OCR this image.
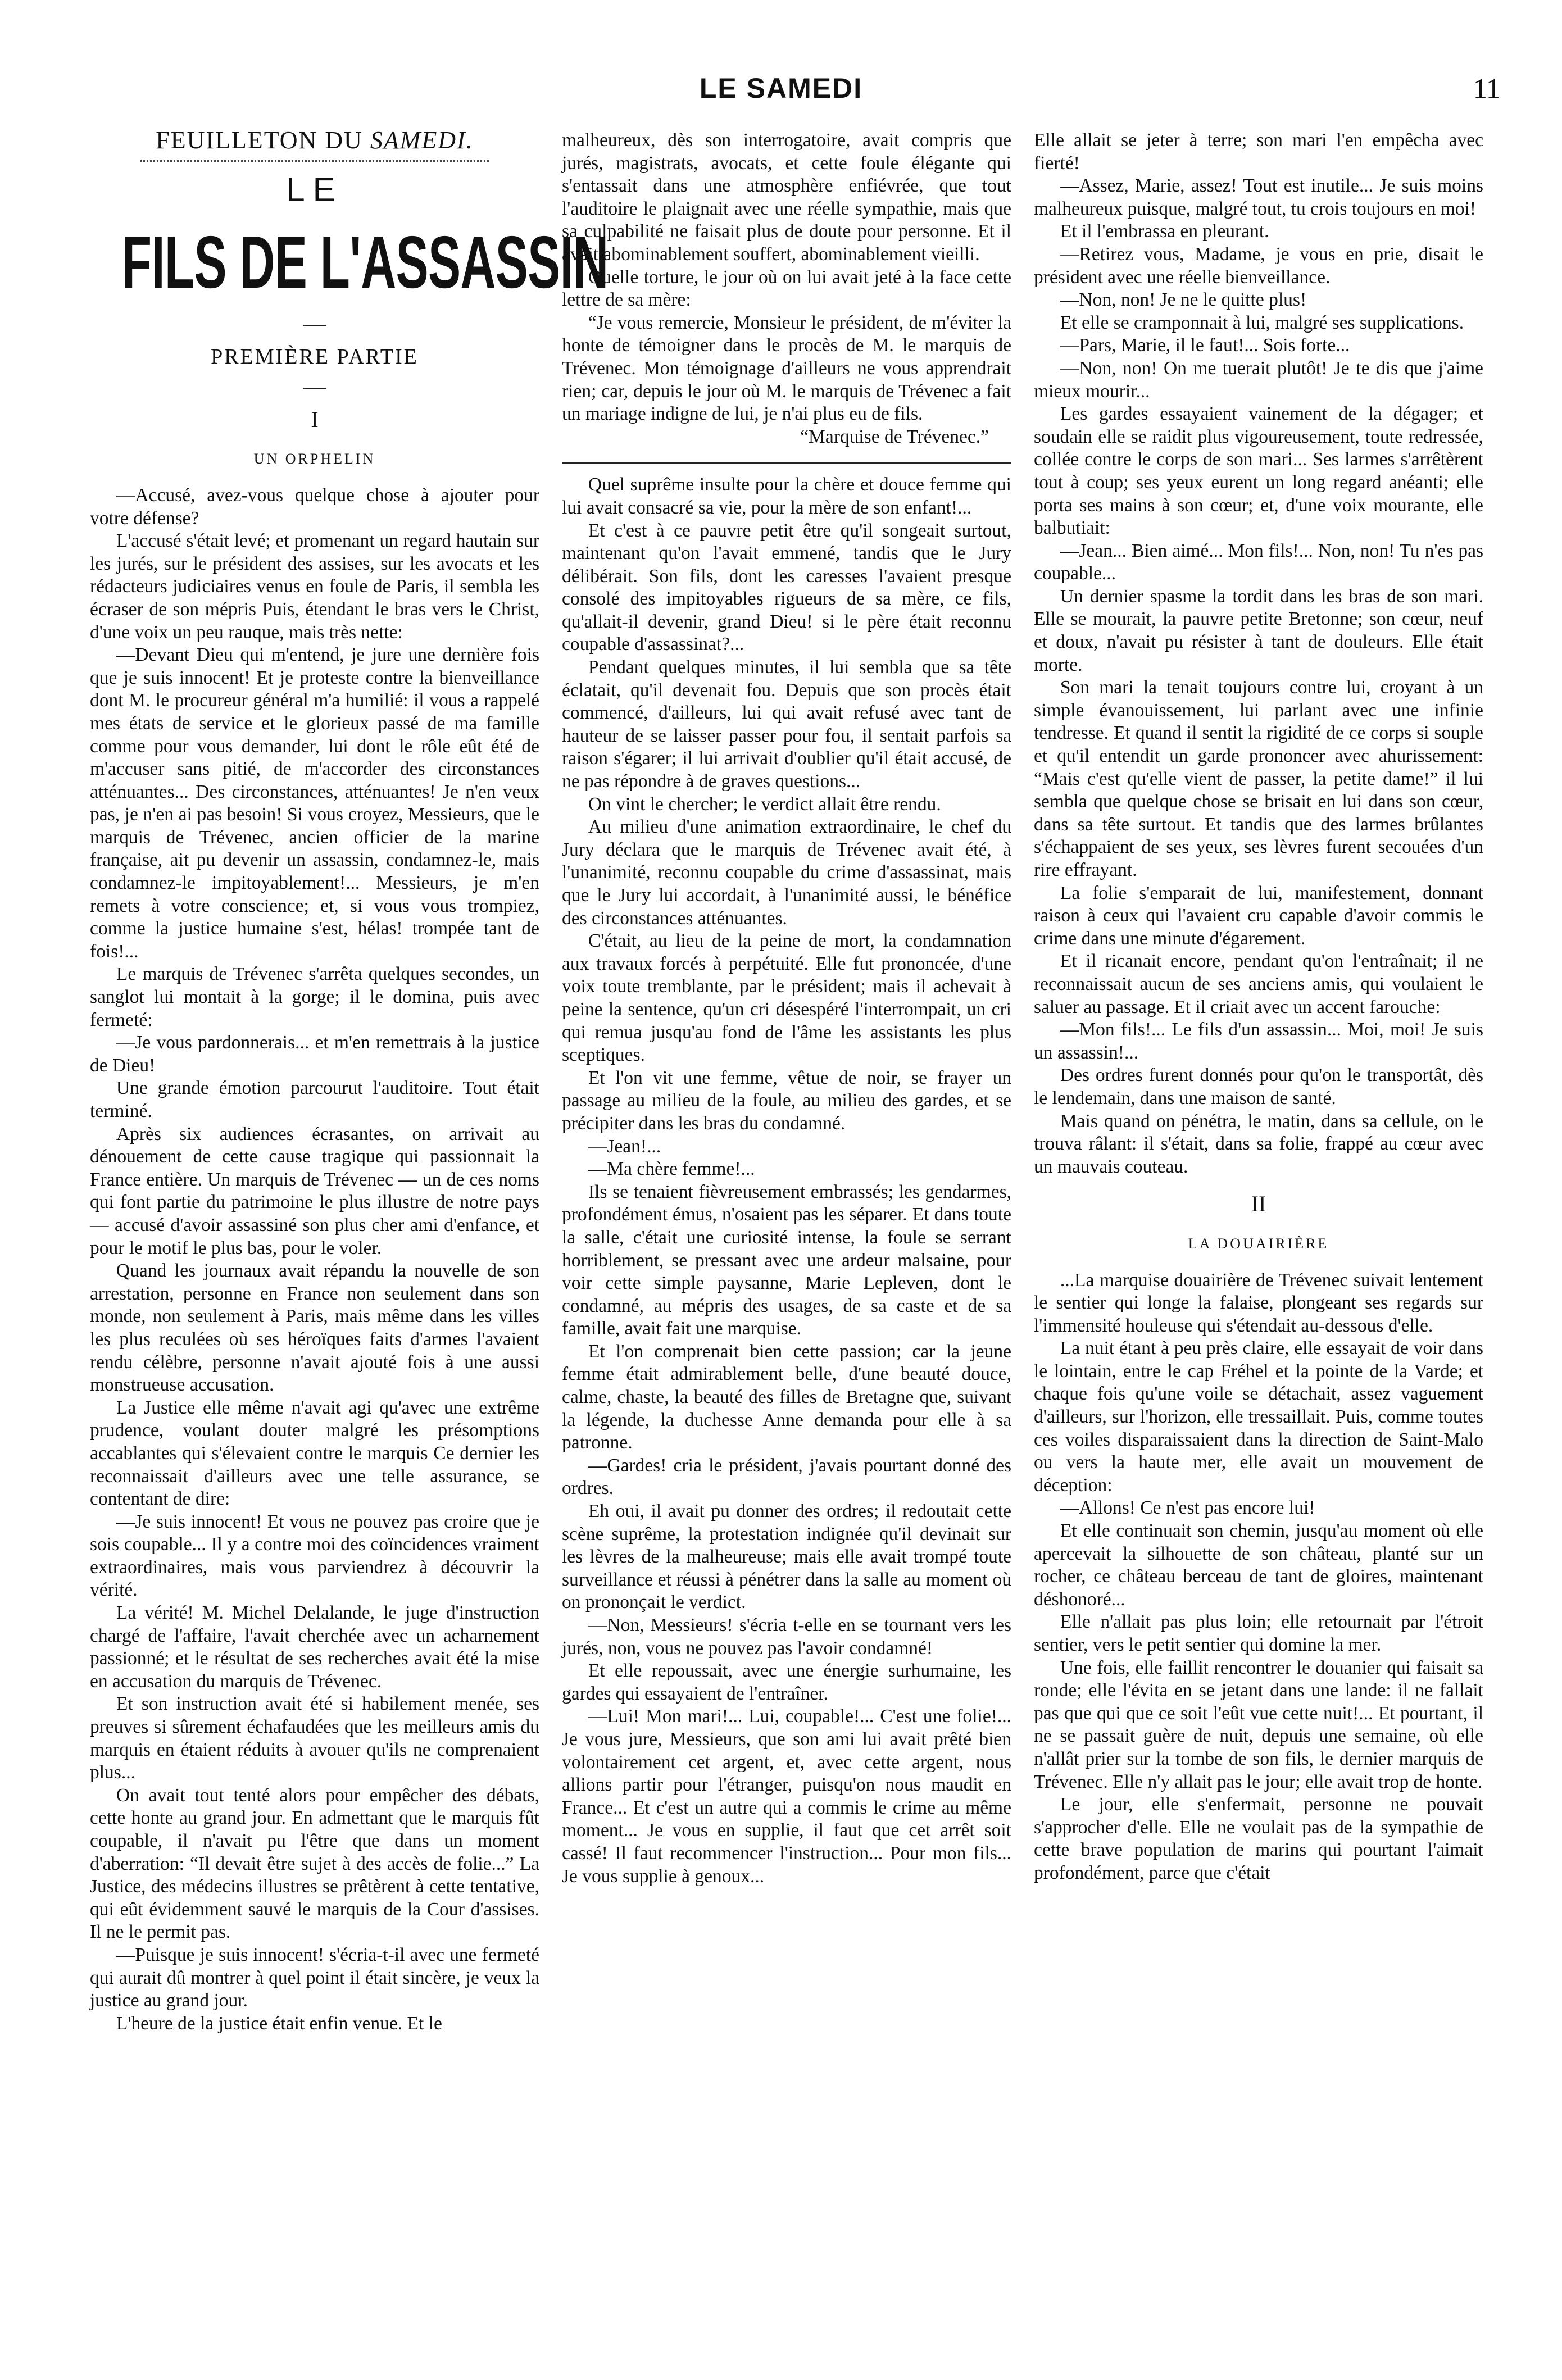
LE SAMEDI	11
FEUILLETON DU SAMEDI.
LE
FILS DE L'ASSASSIN
PREMIÈRE PARTIE
I
UN ORPHELIN

—Accusé, avez-vous quelque chose à ajouter pour votre défense?

L'accusé s'était levé; et promenant un regard hautain sur les jurés, sur le président des assises, sur les avocats et les rédacteurs judiciaires venus en foule de Paris, il sembla les écraser de son mépris Puis, étendant le bras vers le Christ, d'une voix un peu rauque, mais très nette:

—Devant Dieu qui m'entend, je jure une dernière fois que je suis innocent! Et je proteste contre la bienveillance dont M. le procureur général m'a humilié: il vous a rappelé mes états de service et le glorieux passé de ma famille comme pour vous demander, lui dont le rôle eût été de m'accuser sans pitié, de m'accorder des circonstances atténuantes... Des circonstances, atténuantes! Je n'en veux pas, je n'en ai pas besoin! Si vous croyez, Messieurs, que le marquis de Trévenec, ancien officier de la marine française, ait pu devenir un assassin, condamnez-le, mais condamnez-le impitoyablement!... Messieurs, je m'en remets à votre conscience; et, si vous vous trompiez, comme la justice humaine s'est, hélas! trompée tant de fois!...

Le marquis de Trévenec s'arrêta quelques secondes, un sanglot lui montait à la gorge; il le domina, puis avec fermeté:

—Je vous pardonnerais... et m'en remettrais à la justice de Dieu!

Une grande émotion parcourut l'auditoire. Tout était terminé.

Après six audiences écrasantes, on arrivait au dénouement de cette cause tragique qui passionnait la France entière. Un marquis de Trévenec — un de ces noms qui font partie du patrimoine le plus illustre de notre pays — accusé d'avoir assassiné son plus cher ami d'enfance, et pour le motif le plus bas, pour le voler.

Quand les journaux avait répandu la nouvelle de son arrestation, personne en France non seulement dans son monde, non seulement à Paris, mais même dans les villes les plus reculées où ses héroïques faits d'armes l'avaient rendu célèbre, personne n'avait ajouté fois à une aussi monstrueuse accusation.

La Justice elle même n'avait agi qu'avec une extrême prudence, voulant douter malgré les présomptions accablantes qui s'élevaient contre le marquis Ce dernier les reconnaissait d'ailleurs avec une telle assurance, se contentant de dire:

—Je suis innocent! Et vous ne pouvez pas croire que je sois coupable... Il y a contre moi des coïncidences vraiment extraordinaires, mais vous parviendrez à découvrir la vérité.

La vérité! M. Michel Delalande, le juge d'instruction chargé de l'affaire, l'avait cherchée avec un acharnement passionné; et le résultat de ses recherches avait été la mise en accusation du marquis de Trévenec.

Et son instruction avait été si habilement menée, ses preuves si sûrement échafaudées que les meilleurs amis du marquis en étaient réduits à avouer qu'ils ne comprenaient plus...

On avait tout tenté alors pour empêcher des débats, cette honte au grand jour. En admettant que le marquis fût coupable, il n'avait pu l'être que dans un moment d'aberration: “Il devait être sujet à des accès de folie...” La Justice, des médecins illustres se prêtèrent à cette tentative, qui eût évidemment sauvé le marquis de la Cour d'assises. Il ne le permit pas.

—Puisque je suis innocent! s'écria-t-il avec une fermeté qui aurait dû montrer à quel point il était sincère, je veux la justice au grand jour.

L'heure de la justice était enfin venue. Et le

malheureux, dès son interrogatoire, avait compris que jurés, magistrats, avocats, et cette foule élégante qui s'entassait dans une atmosphère enfiévrée, que tout l'auditoire le plaignait avec une réelle sympathie, mais que sa culpabilité ne faisait plus de doute pour personne. Et il avait abominablement souffert, abominablement vieilli.

Quelle torture, le jour où on lui avait jeté à la face cette lettre de sa mère:

“Je vous remercie, Monsieur le président, de m'éviter la honte de témoigner dans le procès de M. le marquis de Trévenec. Mon témoignage d'ailleurs ne vous apprendrait rien; car, depuis le jour où M. le marquis de Trévenec a fait un mariage indigne de lui, je n'ai plus eu de fils.

“Marquise de Trévenec.”

Quel suprême insulte pour la chère et douce femme qui lui avait consacré sa vie, pour la mère de son enfant!...

Et c'est à ce pauvre petit être qu'il songeait surtout, maintenant qu'on l'avait emmené, tandis que le Jury délibérait. Son fils, dont les caresses l'avaient presque consolé des impitoyables rigueurs de sa mère, ce fils, qu'allait-il devenir, grand Dieu! si le père était reconnu coupable d'assassinat?...

Pendant quelques minutes, il lui sembla que sa tête éclatait, qu'il devenait fou. Depuis que son procès était commencé, d'ailleurs, lui qui avait refusé avec tant de hauteur de se laisser passer pour fou, il sentait parfois sa raison s'égarer; il lui arrivait d'oublier qu'il était accusé, de ne pas répondre à de graves questions...

On vint le chercher; le verdict allait être rendu.

Au milieu d'une animation extraordinaire, le chef du Jury déclara que le marquis de Trévenec avait été, à l'unanimité, reconnu coupable du crime d'assassinat, mais que le Jury lui accordait, à l'unanimité aussi, le bénéfice des circonstances atténuantes.

C'était, au lieu de la peine de mort, la condamnation aux travaux forcés à perpétuité. Elle fut prononcée, d'une voix toute tremblante, par le président; mais il achevait à peine la sentence, qu'un cri désespéré l'interrompait, un cri qui remua jusqu'au fond de l'âme les assistants les plus sceptiques.

Et l'on vit une femme, vêtue de noir, se frayer un passage au milieu de la foule, au milieu des gardes, et se précipiter dans les bras du condamné.

—Jean!...

—Ma chère femme!...

Ils se tenaient fièvreusement embrassés; les gendarmes, profondément émus, n'osaient pas les séparer. Et dans toute la salle, c'était une curiosité intense, la foule se serrant horriblement, se pressant avec une ardeur malsaine, pour voir cette simple paysanne, Marie Lepleven, dont le condamné, au mépris des usages, de sa caste et de sa famille, avait fait une marquise.

Et l'on comprenait bien cette passion; car la jeune femme était admirablement belle, d'une beauté douce, calme, chaste, la beauté des filles de Bretagne que, suivant la légende, la duchesse Anne demanda pour elle à sa patronne.

—Gardes! cria le président, j'avais pourtant donné des ordres.

Eh oui, il avait pu donner des ordres; il redoutait cette scène suprême, la protestation indignée qu'il devinait sur les lèvres de la malheureuse; mais elle avait trompé toute surveillance et réussi à pénétrer dans la salle au moment où on prononçait le verdict.

—Non, Messieurs! s'écria t-elle en se tournant vers les jurés, non, vous ne pouvez pas l'avoir condamné!

Et elle repoussait, avec une énergie surhumaine, les gardes qui essayaient de l'entraîner.

—Lui! Mon mari!... Lui, coupable!... C'est une folie!... Je vous jure, Messieurs, que son ami lui avait prêté bien volontairement cet argent, et, avec cette argent, nous allions partir pour l'étranger, puisqu'on nous maudit en France... Et c'est un autre qui a commis le crime au même moment... Je vous en supplie, il faut que cet arrêt soit cassé! Il faut recommencer l'instruction... Pour mon fils... Je vous supplie à genoux...

Elle allait se jeter à terre; son mari l'en empêcha avec fierté!

—Assez, Marie, assez! Tout est inutile... Je suis moins malheureux puisque, malgré tout, tu crois toujours en moi!

Et il l'embrassa en pleurant.

—Retirez vous, Madame, je vous en prie, disait le président avec une réelle bienveillance.

—Non, non! Je ne le quitte plus!

Et elle se cramponnait à lui, malgré ses supplications.

—Pars, Marie, il le faut!... Sois forte...

—Non, non! On me tuerait plutôt! Je te dis que j'aime mieux mourir...

Les gardes essayaient vainement de la dégager; et soudain elle se raidit plus vigoureusement, toute redressée, collée contre le corps de son mari... Ses larmes s'arrêtèrent tout à coup; ses yeux eurent un long regard anéanti; elle porta ses mains à son cœur; et, d'une voix mourante, elle balbutiait:

—Jean... Bien aimé... Mon fils!... Non, non! Tu n'es pas coupable...

Un dernier spasme la tordit dans les bras de son mari. Elle se mourait, la pauvre petite Bretonne; son cœur, neuf et doux, n'avait pu résister à tant de douleurs. Elle était morte.

Son mari la tenait toujours contre lui, croyant à un simple évanouissement, lui parlant avec une infinie tendresse. Et quand il sentit la rigidité de ce corps si souple et qu'il entendit un garde prononcer avec ahurissement: “Mais c'est qu'elle vient de passer, la petite dame!” il lui sembla que quelque chose se brisait en lui dans son cœur, dans sa tête surtout. Et tandis que des larmes brûlantes s'échappaient de ses yeux, ses lèvres furent secouées d'un rire effrayant.

La folie s'emparait de lui, manifestement, donnant raison à ceux qui l'avaient cru capable d'avoir commis le crime dans une minute d'égarement.

Et il ricanait encore, pendant qu'on l'entraînait; il ne reconnaissait aucun de ses anciens amis, qui voulaient le saluer au passage. Et il criait avec un accent farouche:

—Mon fils!... Le fils d'un assassin... Moi, moi! Je suis un assassin!...

Des ordres furent donnés pour qu'on le transportât, dès le lendemain, dans une maison de santé.

Mais quand on pénétra, le matin, dans sa cellule, on le trouva râlant: il s'était, dans sa folie, frappé au cœur avec un mauvais couteau.

II
LA DOUAIRIÈRE

...La marquise douairière de Trévenec suivait lentement le sentier qui longe la falaise, plongeant ses regards sur l'immensité houleuse qui s'étendait au-dessous d'elle.

La nuit étant à peu près claire, elle essayait de voir dans le lointain, entre le cap Fréhel et la pointe de la Varde; et chaque fois qu'une voile se détachait, assez vaguement d'ailleurs, sur l'horizon, elle tressaillait. Puis, comme toutes ces voiles disparaissaient dans la direction de Saint-Malo ou vers la haute mer, elle avait un mouvement de déception:

—Allons! Ce n'est pas encore lui!

Et elle continuait son chemin, jusqu'au moment où elle apercevait la silhouette de son château, planté sur un rocher, ce château berceau de tant de gloires, maintenant déshonoré...

Elle n'allait pas plus loin; elle retournait par l'étroit sentier, vers le petit sentier qui domine la mer.

Une fois, elle faillit rencontrer le douanier qui faisait sa ronde; elle l'évita en se jetant dans une lande: il ne fallait pas que qui que ce soit l'eût vue cette nuit!... Et pourtant, il ne se passait guère de nuit, depuis une semaine, où elle n'allât prier sur la tombe de son fils, le dernier marquis de Trévenec. Elle n'y allait pas le jour; elle avait trop de honte.

Le jour, elle s'enfermait, personne ne pouvait s'approcher d'elle. Elle ne voulait pas de la sympathie de cette brave population de marins qui pourtant l'aimait profondément, parce que c'était
